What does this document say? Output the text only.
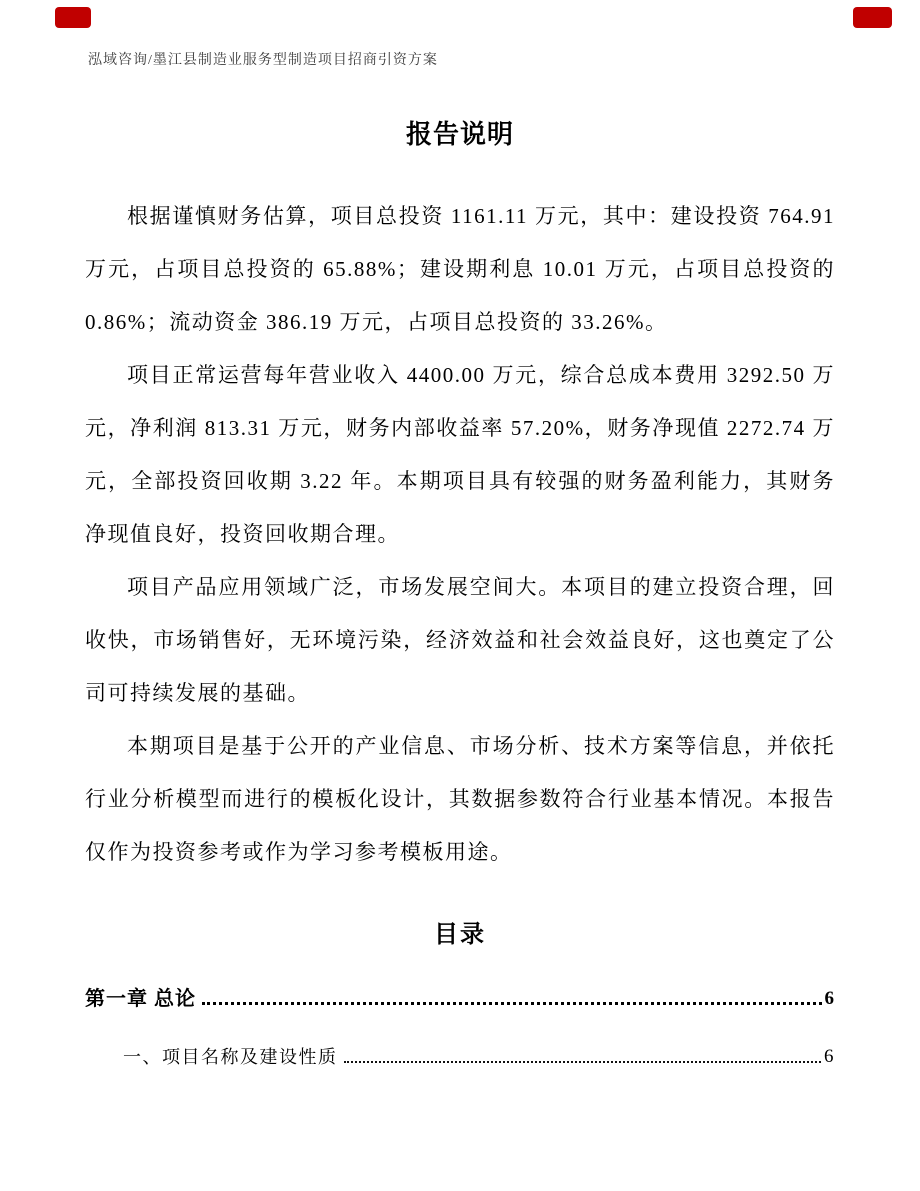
泓域咨询/墨江县制造业服务型制造项目招商引资方案
报告说明

根据谨慎财务估算，项目总投资 1161.11 万元，其中：建设投资 764.91 万元，占项目总投资的 65.88%；建设期利息 10.01 万元，占项目总投资的 0.86%；流动资金 386.19 万元，占项目总投资的 33.26%。

项目正常运营每年营业收入 4400.00 万元，综合总成本费用 3292.50 万元，净利润 813.31 万元，财务内部收益率 57.20%，财务净现值 2272.74 万元，全部投资回收期 3.22 年。本期项目具有较强的财务盈利能力，其财务净现值良好，投资回收期合理。

项目产品应用领域广泛，市场发展空间大。本项目的建立投资合理，回收快，市场销售好，无环境污染，经济效益和社会效益良好，这也奠定了公司可持续发展的基础。

本期项目是基于公开的产业信息、市场分析、技术方案等信息，并依托行业分析模型而进行的模板化设计，其数据参数符合行业基本情况。本报告仅作为投资参考或作为学习参考模板用途。

目录
第一章 总论	6
一、项目名称及建设性质	6
